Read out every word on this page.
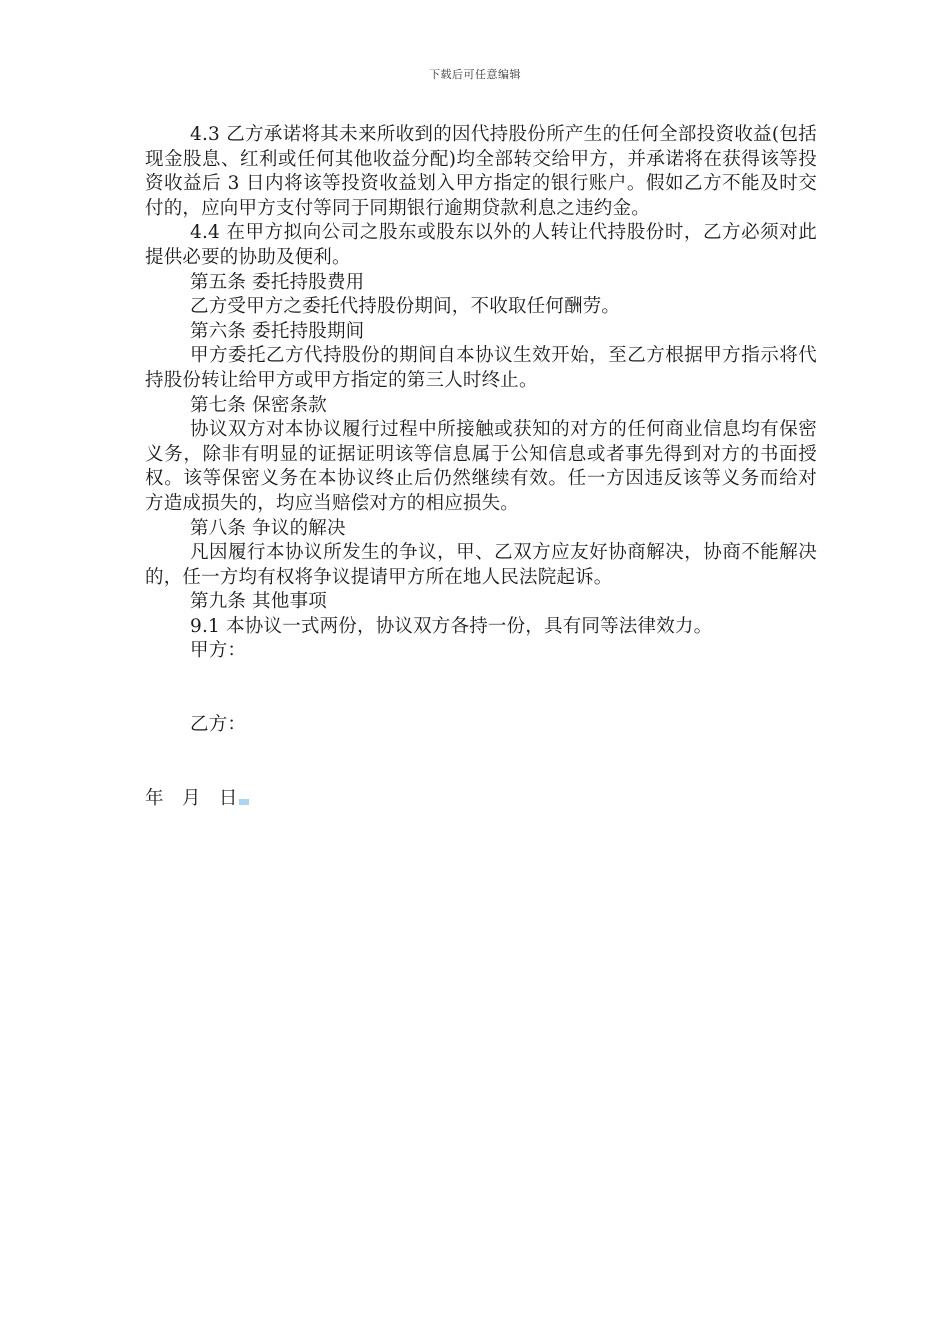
下载后可任意编辑

4.3 乙方承诺将其未来所收到的因代持股份所产生的任何全部投资收益(包括现金股息、红利或任何其他收益分配)均全部转交给甲方，并承诺将在获得该等投资收益后 3 日内将该等投资收益划入甲方指定的银行账户。假如乙方不能及时交付的，应向甲方支付等同于同期银行逾期贷款利息之违约金。

4.4 在甲方拟向公司之股东或股东以外的人转让代持股份时，乙方必须对此提供必要的协助及便利。

第五条 委托持股费用

乙方受甲方之委托代持股份期间，不收取任何酬劳。

第六条 委托持股期间

甲方委托乙方代持股份的期间自本协议生效开始，至乙方根据甲方指示将代持股份转让给甲方或甲方指定的第三人时终止。

第七条 保密条款

协议双方对本协议履行过程中所接触或获知的对方的任何商业信息均有保密义务，除非有明显的证据证明该等信息属于公知信息或者事先得到对方的书面授权。该等保密义务在本协议终止后仍然继续有效。任一方因违反该等义务而给对方造成损失的，均应当赔偿对方的相应损失。

第八条 争议的解决

凡因履行本协议所发生的争议，甲、乙双方应友好协商解决，协商不能解决的，任一方均有权将争议提请甲方所在地人民法院起诉。

第九条 其他事项

9.1 本协议一式两份，协议双方各持一份，具有同等法律效力。

甲方：

乙方：

年   月   日
